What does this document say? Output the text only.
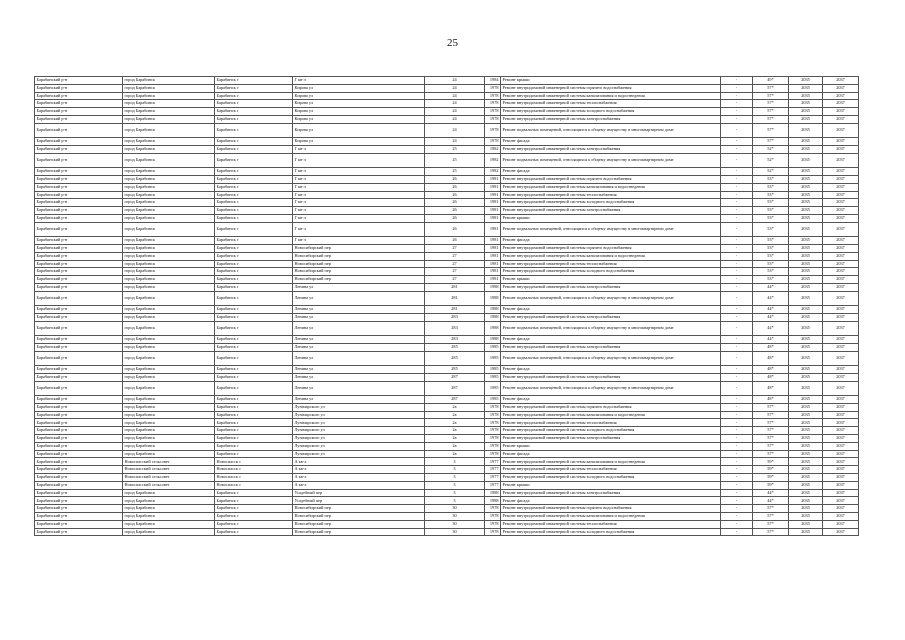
25
Барабинский р-н	город Барабинск	Барабинск г	Г кв-л	24	1984	Ремонт крыши	-	49*	2035	2037
Барабинский р-н	город Барабинск	Барабинск г	Кирова ул	24	1978	Ремонт внутридомовой инженерной системы горячего водоснабжения	-	57*	2035	2037
Барабинский р-н	город Барабинск	Барабинск г	Кирова ул	24	1978	Ремонт внутридомовой инженерной системы канализования и водоотведения	-	57*	2035	2037
Барабинский р-н	город Барабинск	Барабинск г	Кирова ул	24	1978	Ремонт внутридомовой инженерной системы теплоснабжения	-	57*	2035	2037
Барабинский р-н	город Барабинск	Барабинск г	Кирова ул	24	1978	Ремонт внутридомовой инженерной системы холодного водоснабжения	-	57*	2035	2037
Барабинский р-н	город Барабинск	Барабинск г	Кирова ул	24	1978	Ремонт внутридомовой инженерной системы электроснабжения	-	57*	2035	2037
Барабинский р-н	город Барабинск	Барабинск г	Кирова ул	24	1978	Ремонт подвальных помещений, относящихся к общему имуществу в многоквартирном доме	-	57*	2035	2037
Барабинский р-н	город Барабинск	Барабинск г	Кирова ул	24	1978	Ремонт фасада	-	57*	2035	2037
Барабинский р-н	город Барабинск	Барабинск г	Г кв-л	25	1982	Ремонт внутридомовой инженерной системы электроснабжения	-	52*	2035	2037
Барабинский р-н	город Барабинск	Барабинск г	Г кв-л	25	1982	Ремонт подвальных помещений, относящихся к общему имуществу в многоквартирном доме	-	52*	2035	2037
Барабинский р-н	город Барабинск	Барабинск г	Г кв-л	25	1982	Ремонт фасада	-	52*	2035	2037
Барабинский р-н	город Барабинск	Барабинск г	Г кв-л	26	1981	Ремонт внутридомовой инженерной системы горячего водоснабжения	-	53*	2035	2037
Барабинский р-н	город Барабинск	Барабинск г	Г кв-л	26	1981	Ремонт внутридомовой инженерной системы канализования и водоотведения	-	53*	2035	2037
Барабинский р-н	город Барабинск	Барабинск г	Г кв-л	26	1981	Ремонт внутридомовой инженерной системы теплоснабжения	-	53*	2035	2037
Барабинский р-н	город Барабинск	Барабинск г	Г кв-л	26	1981	Ремонт внутридомовой инженерной системы холодного водоснабжения	-	53*	2035	2037
Барабинский р-н	город Барабинск	Барабинск г	Г кв-л	26	1981	Ремонт внутридомовой инженерной системы электроснабжения	-	53*	2035	2037
Барабинский р-н	город Барабинск	Барабинск г	Г кв-л	26	1981	Ремонт крыши	-	53*	2035	2037
Барабинский р-н	город Барабинск	Барабинск г	Г кв-л	26	1981	Ремонт подвальных помещений, относящихся к общему имуществу в многоквартирном доме	-	53*	2035	2037
Барабинский р-н	город Барабинск	Барабинск г	Г кв-л	26	1981	Ремонт фасада	-	53*	2035	2037
Барабинский р-н	город Барабинск	Барабинск г	Новосибирский пер	27	1981	Ремонт внутридомовой инженерной системы горячего водоснабжения	-	53*	2035	2037
Барабинский р-н	город Барабинск	Барабинск г	Новосибирский пер	27	1981	Ремонт внутридомовой инженерной системы канализования и водоотведения	-	53*	2035	2037
Барабинский р-н	город Барабинск	Барабинск г	Новосибирский пер	27	1981	Ремонт внутридомовой инженерной системы теплоснабжения	-	53*	2035	2037
Барабинский р-н	город Барабинск	Барабинск г	Новосибирский пер	27	1981	Ремонт внутридомовой инженерной системы холодного водоснабжения	-	53*	2035	2037
Барабинский р-н	город Барабинск	Барабинск г	Новосибирский пер	27	1981	Ремонт крыши	-	53*	2035	2037
Барабинский р-н	город Барабинск	Барабинск г	Ленина ул	281	1988	Ремонт внутридомовой инженерной системы электроснабжения	-	44*	2035	2037
Барабинский р-н	город Барабинск	Барабинск г	Ленина ул	281	1988	Ремонт подвальных помещений, относящихся к общему имуществу в многоквартирном доме	-	44*	2035	2037
Барабинский р-н	город Барабинск	Барабинск г	Ленина ул	281	1988	Ремонт фасада	-	44*	2035	2037
Барабинский р-н	город Барабинск	Барабинск г	Ленина ул	283	1988	Ремонт внутридомовой инженерной системы электроснабжения	-	44*	2035	2037
Барабинский р-н	город Барабинск	Барабинск г	Ленина ул	283	1988	Ремонт подвальных помещений, относящихся к общему имуществу в многоквартирном доме	-	44*	2035	2037
Барабинский р-н	город Барабинск	Барабинск г	Ленина ул	283	1988	Ремонт фасада	-	44*	2035	2037
Барабинский р-н	город Барабинск	Барабинск г	Ленина ул	285	1985	Ремонт внутридомовой инженерной системы электроснабжения	-	48*	2035	2037
Барабинский р-н	город Барабинск	Барабинск г	Ленина ул	285	1985	Ремонт подвальных помещений, относящихся к общему имуществу в многоквартирном доме	-	48*	2035	2037
Барабинский р-н	город Барабинск	Барабинск г	Ленина ул	285	1985	Ремонт фасада	-	48*	2035	2037
Барабинский р-н	город Барабинск	Барабинск г	Ленина ул	287	1985	Ремонт внутридомовой инженерной системы электроснабжения	-	48*	2035	2037
Барабинский р-н	город Барабинск	Барабинск г	Ленина ул	287	1985	Ремонт подвальных помещений, относящихся к общему имуществу в многоквартирном доме	-	48*	2035	2037
Барабинский р-н	город Барабинск	Барабинск г	Ленина ул	287	1985	Ремонт фасада	-	48*	2035	2037
Барабинский р-н	город Барабинск	Барабинск г	Луначарского ул	2а	1978	Ремонт внутридомовой инженерной системы горячего водоснабжения	-	57*	2035	2037
Барабинский р-н	город Барабинск	Барабинск г	Луначарского ул	2а	1978	Ремонт внутридомовой инженерной системы канализования и водоотведения	-	57*	2035	2037
Барабинский р-н	город Барабинск	Барабинск г	Луначарского ул	2а	1978	Ремонт внутридомовой инженерной системы теплоснабжения	-	57*	2035	2037
Барабинский р-н	город Барабинск	Барабинск г	Луначарского ул	2а	1978	Ремонт внутридомовой инженерной системы холодного водоснабжения	-	57*	2035	2037
Барабинский р-н	город Барабинск	Барабинск г	Луначарского ул	2а	1978	Ремонт внутридомовой инженерной системы электроснабжения	-	57*	2035	2037
Барабинский р-н	город Барабинск	Барабинск г	Луначарского ул	2а	1978	Ремонт крыши	-	57*	2035	2037
Барабинский р-н	город Барабинск	Барабинск г	Луначарского ул	2а	1978	Ремонт фасада	-	57*	2035	2037
Барабинский р-н	Новоспасский сельсовет	Новоспасск с	А кв-л	3	1977	Ремонт внутридомовой инженерной системы канализования и водоотведения	-	59*	2035	2037
Барабинский р-н	Новоспасский сельсовет	Новоспасск с	А кв-л	3	1977	Ремонт внутридомовой инженерной системы теплоснабжения	-	59*	2035	2037
Барабинский р-н	Новоспасский сельсовет	Новоспасск с	А кв-л	3	1977	Ремонт внутридомовой инженерной системы холодного водоснабжения	-	59*	2035	2037
Барабинский р-н	Новоспасский сельсовет	Новоспасск с	А кв-л	3	1977	Ремонт крыши	-	59*	2035	2037
Барабинский р-н	город Барабинск	Барабинск г	Усадебный пер	3	1988	Ремонт внутридомовой инженерной системы электроснабжения	-	44*	2035	2037
Барабинский р-н	город Барабинск	Барабинск г	Усадебный пер	3	1988	Ремонт фасада	-	44*	2035	2037
Барабинский р-н	город Барабинск	Барабинск г	Новосибирский пер	30	1978	Ремонт внутридомовой инженерной системы горячего водоснабжения	-	57*	2035	2037
Барабинский р-н	город Барабинск	Барабинск г	Новосибирский пер	30	1978	Ремонт внутридомовой инженерной системы канализования и водоотведения	-	57*	2035	2037
Барабинский р-н	город Барабинск	Барабинск г	Новосибирский пер	30	1978	Ремонт внутридомовой инженерной системы теплоснабжения	-	57*	2035	2037
Барабинский р-н	город Барабинск	Барабинск г	Новосибирский пер	30	1978	Ремонт внутридомовой инженерной системы холодного водоснабжения	-	57*	2035	2037
